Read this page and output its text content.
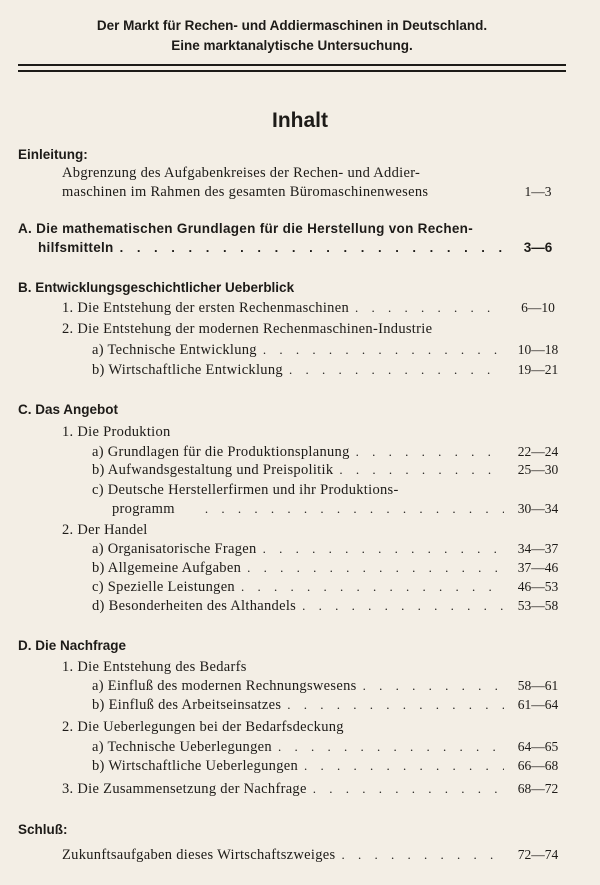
Der Markt für Rechen- und Addiermaschinen in Deutschland.
Eine marktanalytische Untersuchung.
Inhalt
Einleitung:
Abgrenzung des Aufgabenkreises der Rechen- und Addier-
maschinen im Rahmen des gesamten Büromaschinenwesens	1—3
A. Die mathematischen Grundlagen für die Herstellung von Rechen-
hilfsmitteln . . .	3—6
B. Entwicklungsgeschichtlicher Ueberblick
1. Die Entstehung der ersten Rechenmaschinen . . .	6—10
2. Die Entstehung der modernen Rechenmaschinen-Industrie
a) Technische Entwicklung . . .	10—18
b) Wirtschaftliche Entwicklung . . .	19—21
C. Das Angebot
1. Die Produktion
a) Grundlagen für die Produktionsplanung . . .	22—24
b) Aufwandsgestaltung und Preispolitik . . .	25—30
c) Deutsche Herstellerfirmen und ihr Produktions-
programm . . .	30—34
2. Der Handel
a) Organisatorische Fragen . . .	34—37
b) Allgemeine Aufgaben . . .	37—46
c) Spezielle Leistungen . . .	46—53
d) Besonderheiten des Althandels . . .	53—58
D. Die Nachfrage
1. Die Entstehung des Bedarfs
a) Einfluß des modernen Rechnungswesens . . .	58—61
b) Einfluß des Arbeitseinsatzes . . .	61—64
2. Die Ueberlegungen bei der Bedarfsdeckung
a) Technische Ueberlegungen . . .	64—65
b) Wirtschaftliche Ueberlegungen . . .	66—68
3. Die Zusammensetzung der Nachfrage . . .	68—72
Schluß:
Zukunftsaufgaben dieses Wirtschaftszweiges . . .	72—74
